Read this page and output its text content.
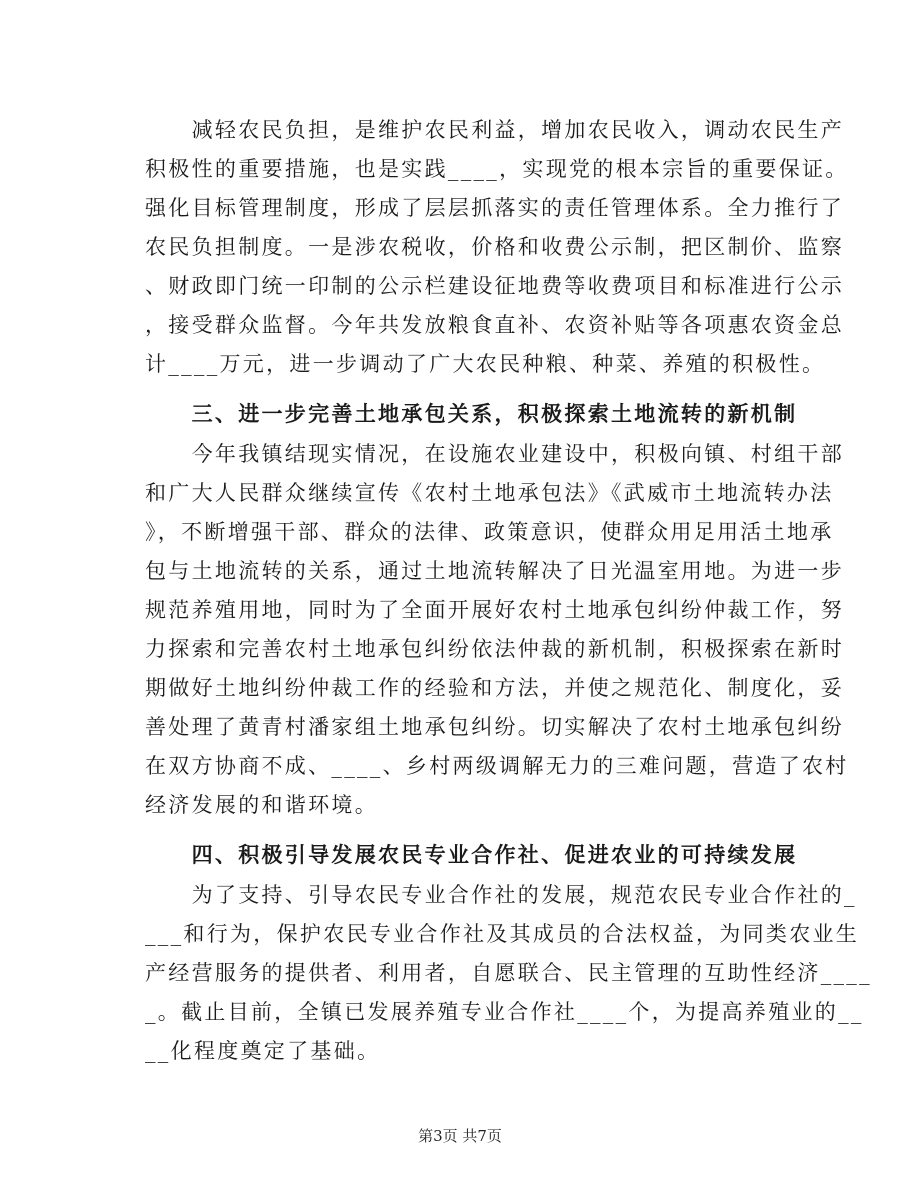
　　减轻农民负担，是维护农民利益，增加农民收入，调动农民生产
积极性的重要措施，也是实践____，实现党的根本宗旨的重要保证。
强化目标管理制度，形成了层层抓落实的责任管理体系。全力推行了
农民负担制度。一是涉农税收，价格和收费公示制，把区制价、监察
、财政即门统一印制的公示栏建设征地费等收费项目和标准进行公示
，接受群众监督。今年共发放粮食直补、农资补贴等各项惠农资金总
计____万元，进一步调动了广大农民种粮、种菜、养殖的积极性。
　　三、进一步完善土地承包关系，积极探索土地流转的新机制
　　今年我镇结现实情况，在设施农业建设中，积极向镇、村组干部
和广大人民群众继续宣传《农村土地承包法》《武威市土地流转办法
》，不断增强干部、群众的法律、政策意识，使群众用足用活土地承
包与土地流转的关系，通过土地流转解决了日光温室用地。为进一步
规范养殖用地，同时为了全面开展好农村土地承包纠纷仲裁工作，努
力探索和完善农村土地承包纠纷依法仲裁的新机制，积极探索在新时
期做好土地纠纷仲裁工作的经验和方法，并使之规范化、制度化，妥
善处理了黄青村潘家组土地承包纠纷。切实解决了农村土地承包纠纷
在双方协商不成、____、乡村两级调解无力的三难问题，营造了农村
经济发展的和谐环境。
　　四、积极引导发展农民专业合作社、促进农业的可持续发展
　　为了支持、引导农民专业合作社的发展，规范农民专业合作社的_
___和行为，保护农民专业合作社及其成员的合法权益，为同类农业生
产经营服务的提供者、利用者，自愿联合、民主管理的互助性经济____
_。截止目前，全镇已发展养殖专业合作社____个，为提高养殖业的__
__化程度奠定了基础。
第3页 共7页
